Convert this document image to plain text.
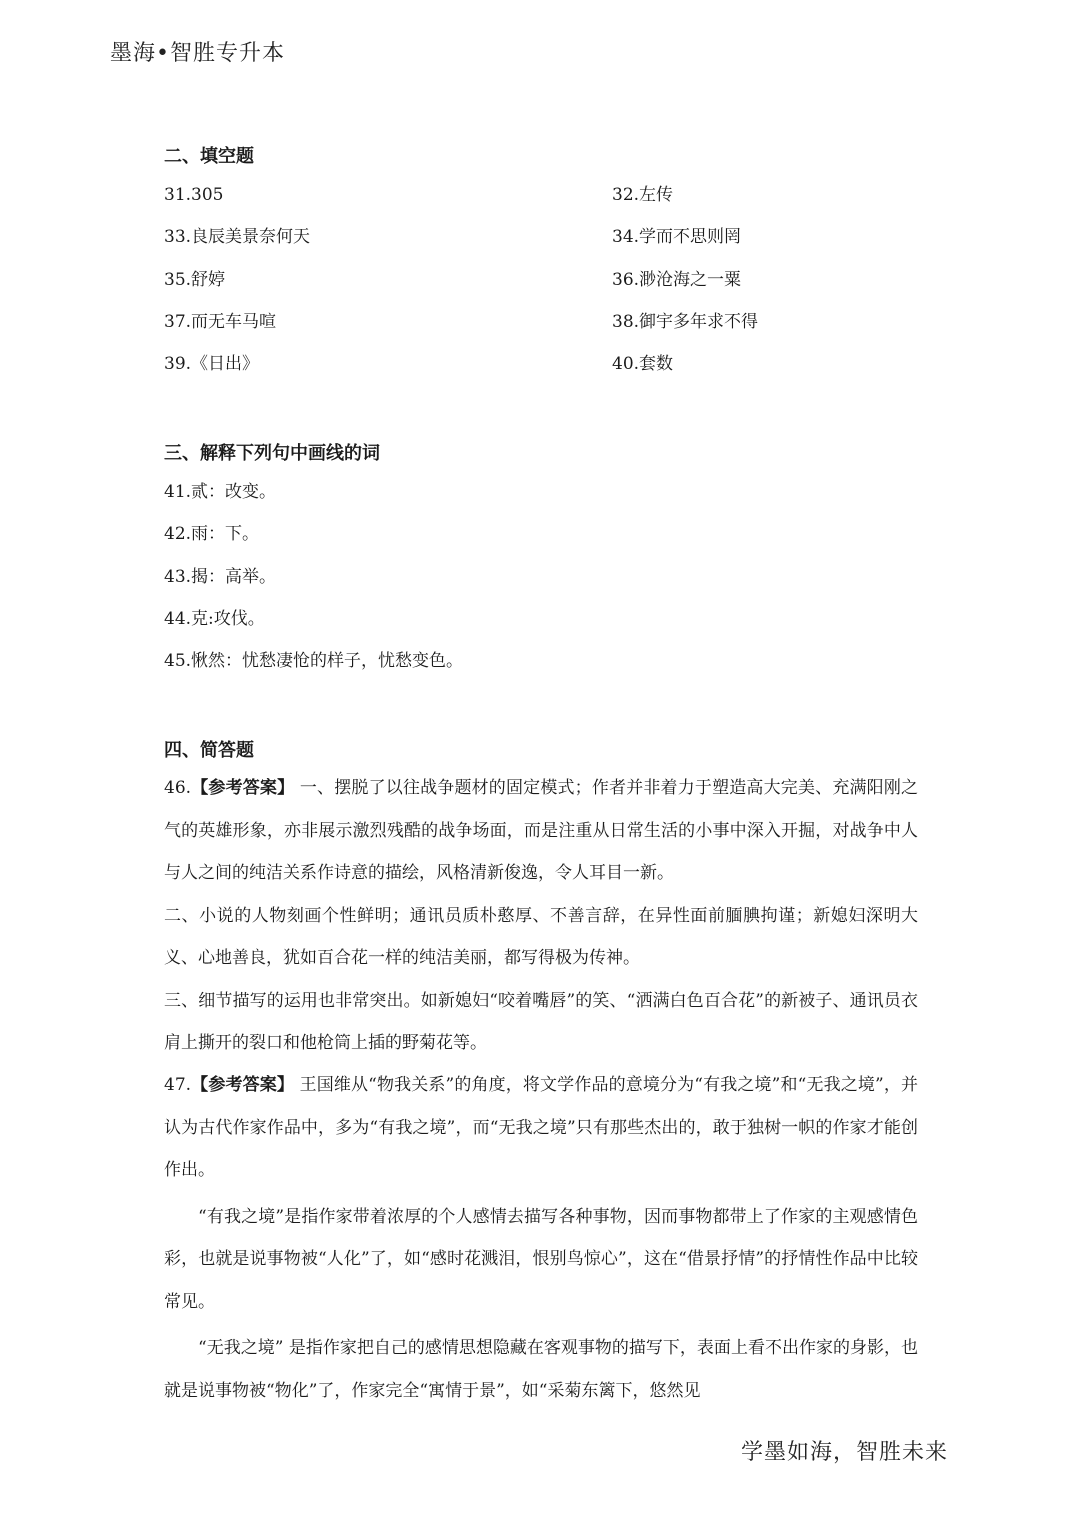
墨海•智胜专升本
二、填空题
31.305	32.左传
33.良辰美景奈何天	34.学而不思则罔
35.舒婷	36.渺沧海之一粟
37.而无车马喧	38.御宇多年求不得
39.《日出》	40.套数
三、解释下列句中画线的词
41.贰：改变。
42.雨：下。
43.揭：高举。
44.克:攻伐。
45.愀然：忧愁凄怆的样子，忧愁变色。
四、简答题

46.【参考答案】 一、摆脱了以往战争题材的固定模式；作者并非着力于塑造高大完美、充满阳刚之气的英雄形象，亦非展示激烈残酷的战争场面，而是注重从日常生活的小事中深入开掘，对战争中人与人之间的纯洁关系作诗意的描绘，风格清新俊逸，令人耳目一新。

二、小说的人物刻画个性鲜明；通讯员质朴憨厚、不善言辞，在异性面前腼腆拘谨；新媳妇深明大义、心地善良，犹如百合花一样的纯洁美丽，都写得极为传神。

三、细节描写的运用也非常突出。如新媳妇“咬着嘴唇”的笑、“洒满白色百合花”的新被子、通讯员衣肩上撕开的裂口和他枪筒上插的野菊花等。

47.【参考答案】 王国维从“物我关系”的角度，将文学作品的意境分为“有我之境”和“无我之境”，并认为古代作家作品中，多为“有我之境”，而“无我之境”只有那些杰出的，敢于独树一帜的作家才能创作出。

“有我之境”是指作家带着浓厚的个人感情去描写各种事物，因而事物都带上了作家的主观感情色彩，也就是说事物被“人化”了，如“感时花溅泪，恨别鸟惊心”，这在“借景抒情”的抒情性作品中比较常见。

“无我之境” 是指作家把自己的感情思想隐藏在客观事物的描写下，表面上看不出作家的身影，也就是说事物被“物化”了，作家完全“寓情于景”，如“采菊东篱下，悠然见

学墨如海，智胜未来
